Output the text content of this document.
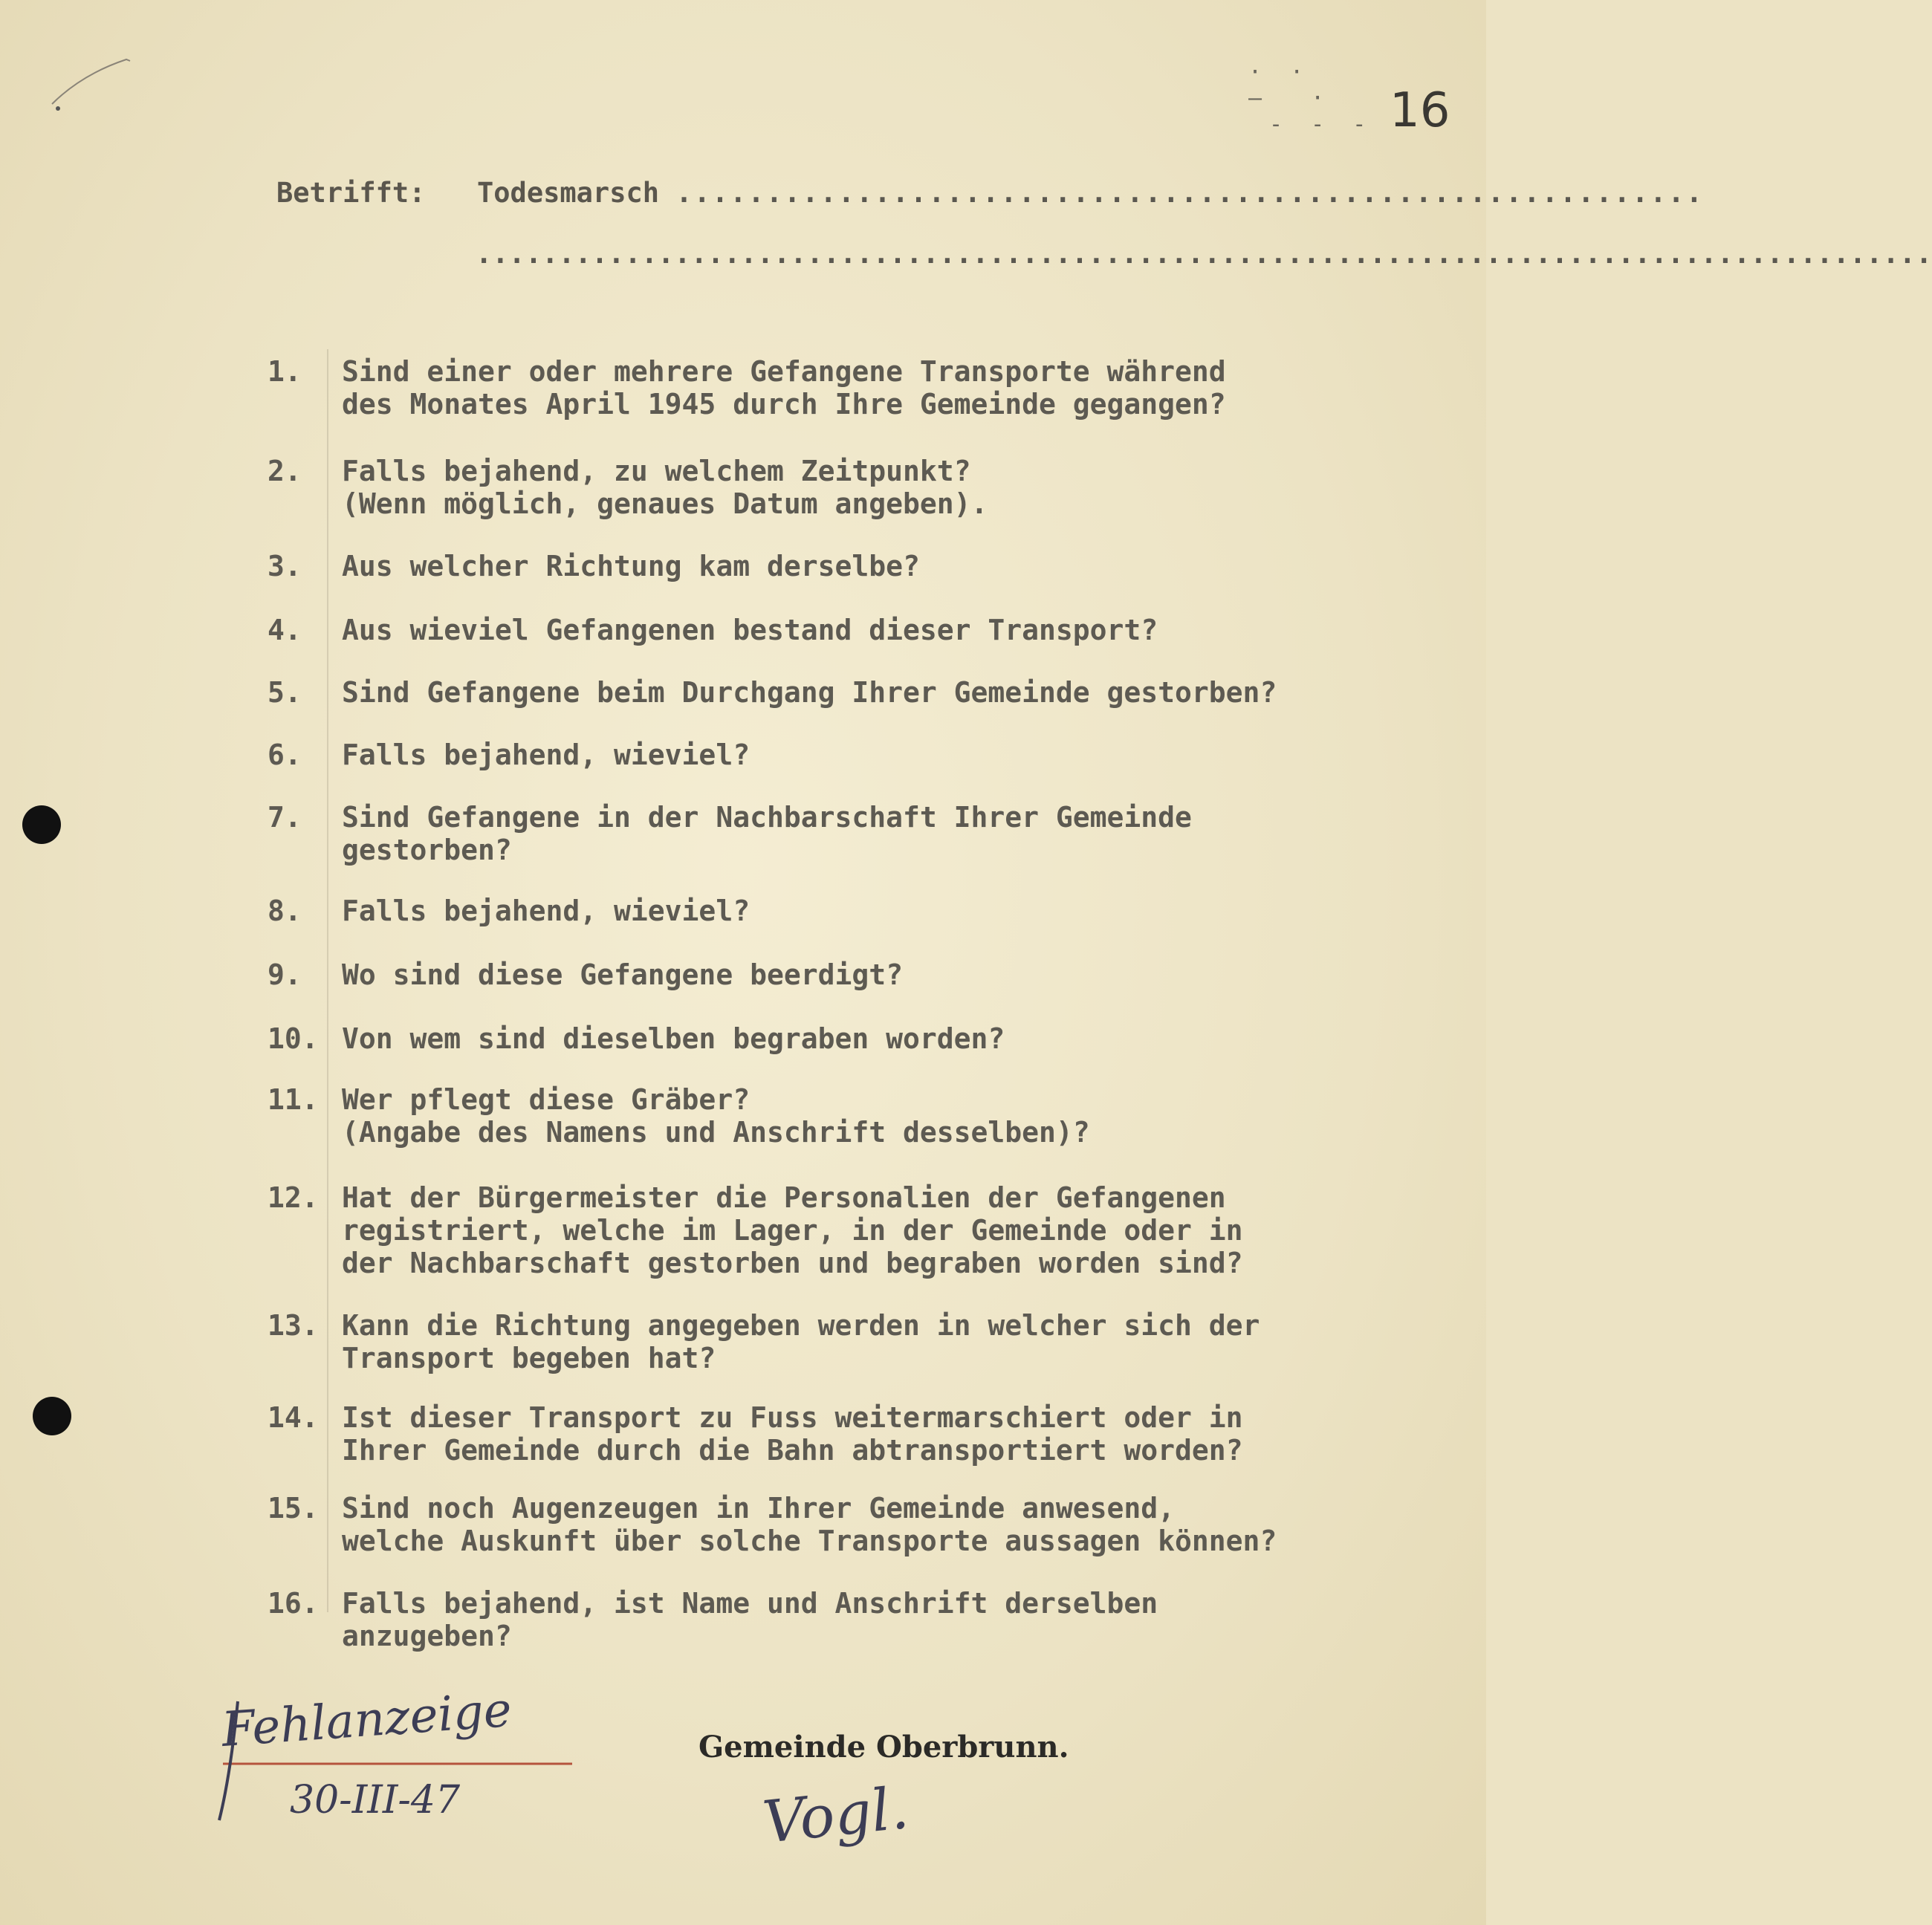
· ·
–  ·
- - - 16
Betrifft: Todesmarsch .........................................................
........................................................................................
1.	Sind einer oder mehrere Gefangene Transporte während
des Monates April 1945 durch Ihre Gemeinde gegangen?
2.	Falls bejahend, zu welchem Zeitpunkt?
(Wenn möglich, genaues Datum angeben).
3.	Aus welcher Richtung kam derselbe?
4.	Aus wieviel Gefangenen bestand dieser Transport?
5.	Sind Gefangene beim Durchgang Ihrer Gemeinde gestorben?
6.	Falls bejahend, wieviel?
7.	Sind Gefangene in der Nachbarschaft Ihrer Gemeinde
gestorben?
8.	Falls bejahend, wieviel?
9.	Wo sind diese Gefangene beerdigt?
10. Von wem sind dieselben begraben worden?
11. Wer pflegt diese Gräber?
(Angabe des Namens und Anschrift desselben)?
12. Hat der Bürgermeister die Personalien der Gefangenen
registriert, welche im Lager, in der Gemeinde oder in
der Nachbarschaft gestorben und begraben worden sind?
13. Kann die Richtung angegeben werden in welcher sich der
Transport begeben hat?
14. Ist dieser Transport zu Fuss weitermarschiert oder in
Ihrer Gemeinde durch die Bahn abtransportiert worden?
15. Sind noch Augenzeugen in Ihrer Gemeinde anwesend,
welche Auskunft über solche Transporte aussagen können?
16. Falls bejahend, ist Name und Anschrift derselben
anzugeben?
Fehlanzeige
30-III-47
Gemeinde Oberbrunn.
Vogl.
